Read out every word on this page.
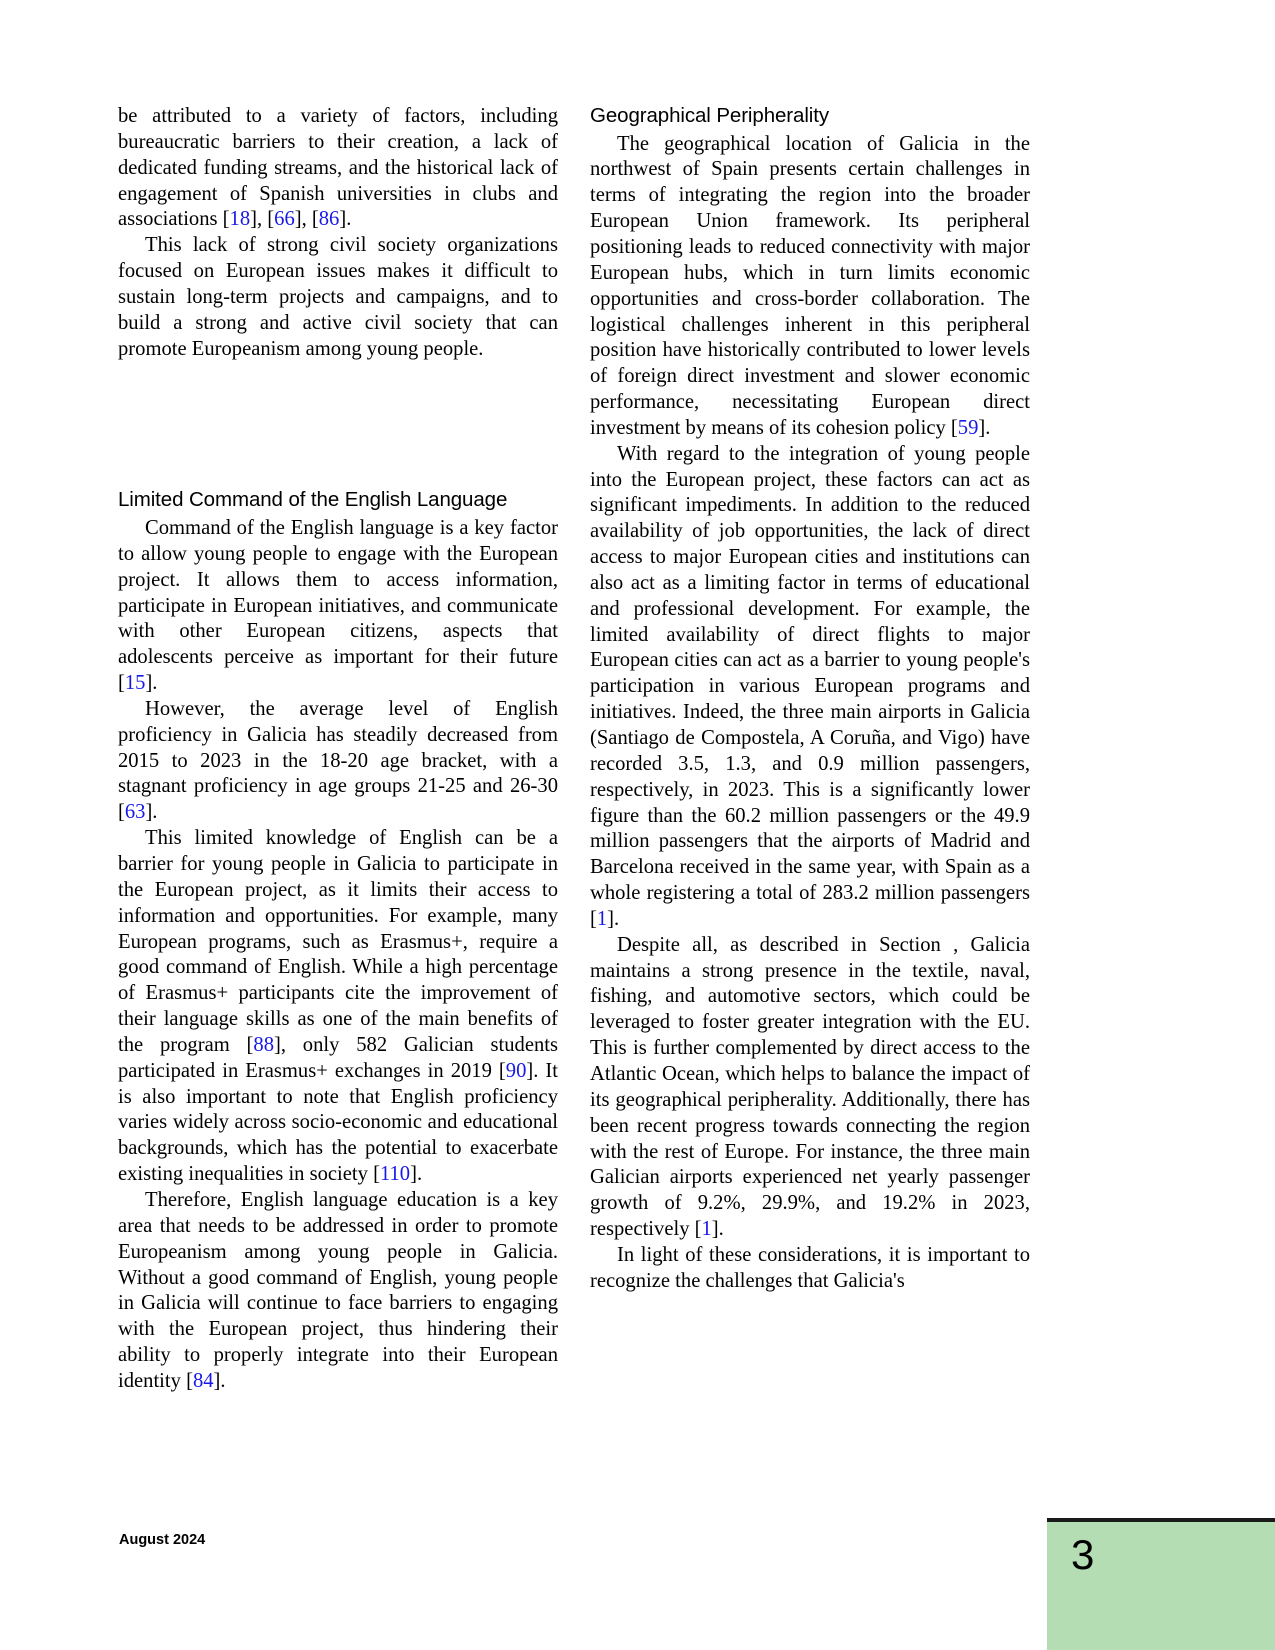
be attributed to a variety of factors, including bureaucratic barriers to their creation, a lack of dedicated funding streams, and the historical lack of engagement of Spanish universities in clubs and associations [18], [66], [86].

This lack of strong civil society organizations focused on European issues makes it difficult to sustain long-term projects and campaigns, and to build a strong and active civil society that can promote Europeanism among young people.

Limited Command of the English Language

Command of the English language is a key factor to allow young people to engage with the European project. It allows them to access information, participate in European initiatives, and communicate with other European citizens, aspects that adolescents perceive as important for their future [15].

However, the average level of English proficiency in Galicia has steadily decreased from 2015 to 2023 in the 18-20 age bracket, with a stagnant proficiency in age groups 21-25 and 26-30 [63].

This limited knowledge of English can be a barrier for young people in Galicia to participate in the European project, as it limits their access to information and opportunities. For example, many European programs, such as Erasmus+, require a good command of English. While a high percentage of Erasmus+ participants cite the improvement of their language skills as one of the main benefits of the program [88], only 582 Galician students participated in Erasmus+ exchanges in 2019 [90]. It is also important to note that English proficiency varies widely across socio-economic and educational backgrounds, which has the potential to exacerbate existing inequalities in society [110].

Therefore, English language education is a key area that needs to be addressed in order to promote Europeanism among young people in Galicia. Without a good command of English, young people in Galicia will continue to face barriers to engaging with the European project, thus hindering their ability to properly integrate into their European identity [84].

Geographical Peripherality

The geographical location of Galicia in the northwest of Spain presents certain challenges in terms of integrating the region into the broader European Union framework. Its peripheral positioning leads to reduced connectivity with major European hubs, which in turn limits economic opportunities and cross-border collaboration. The logistical challenges inherent in this peripheral position have historically contributed to lower levels of foreign direct investment and slower economic performance, necessitating European direct investment by means of its cohesion policy [59].

With regard to the integration of young people into the European project, these factors can act as significant impediments. In addition to the reduced availability of job opportunities, the lack of direct access to major European cities and institutions can also act as a limiting factor in terms of educational and professional development. For example, the limited availability of direct flights to major European cities can act as a barrier to young people's participation in various European programs and initiatives. Indeed, the three main airports in Galicia (Santiago de Compostela, A Coruña, and Vigo) have recorded 3.5, 1.3, and 0.9 million passengers, respectively, in 2023. This is a significantly lower figure than the 60.2 million passengers or the 49.9 million passengers that the airports of Madrid and Barcelona received in the same year, with Spain as a whole registering a total of 283.2 million passengers [1].

Despite all, as described in Section , Galicia maintains a strong presence in the textile, naval, fishing, and automotive sectors, which could be leveraged to foster greater integration with the EU. This is further complemented by direct access to the Atlantic Ocean, which helps to balance the impact of its geographical peripherality. Additionally, there has been recent progress towards connecting the region with the rest of Europe. For instance, the three main Galician airports experienced net yearly passenger growth of 9.2%, 29.9%, and 19.2% in 2023, respectively [1].

In light of these considerations, it is important to recognize the challenges that Galicia's

August 2024	3
